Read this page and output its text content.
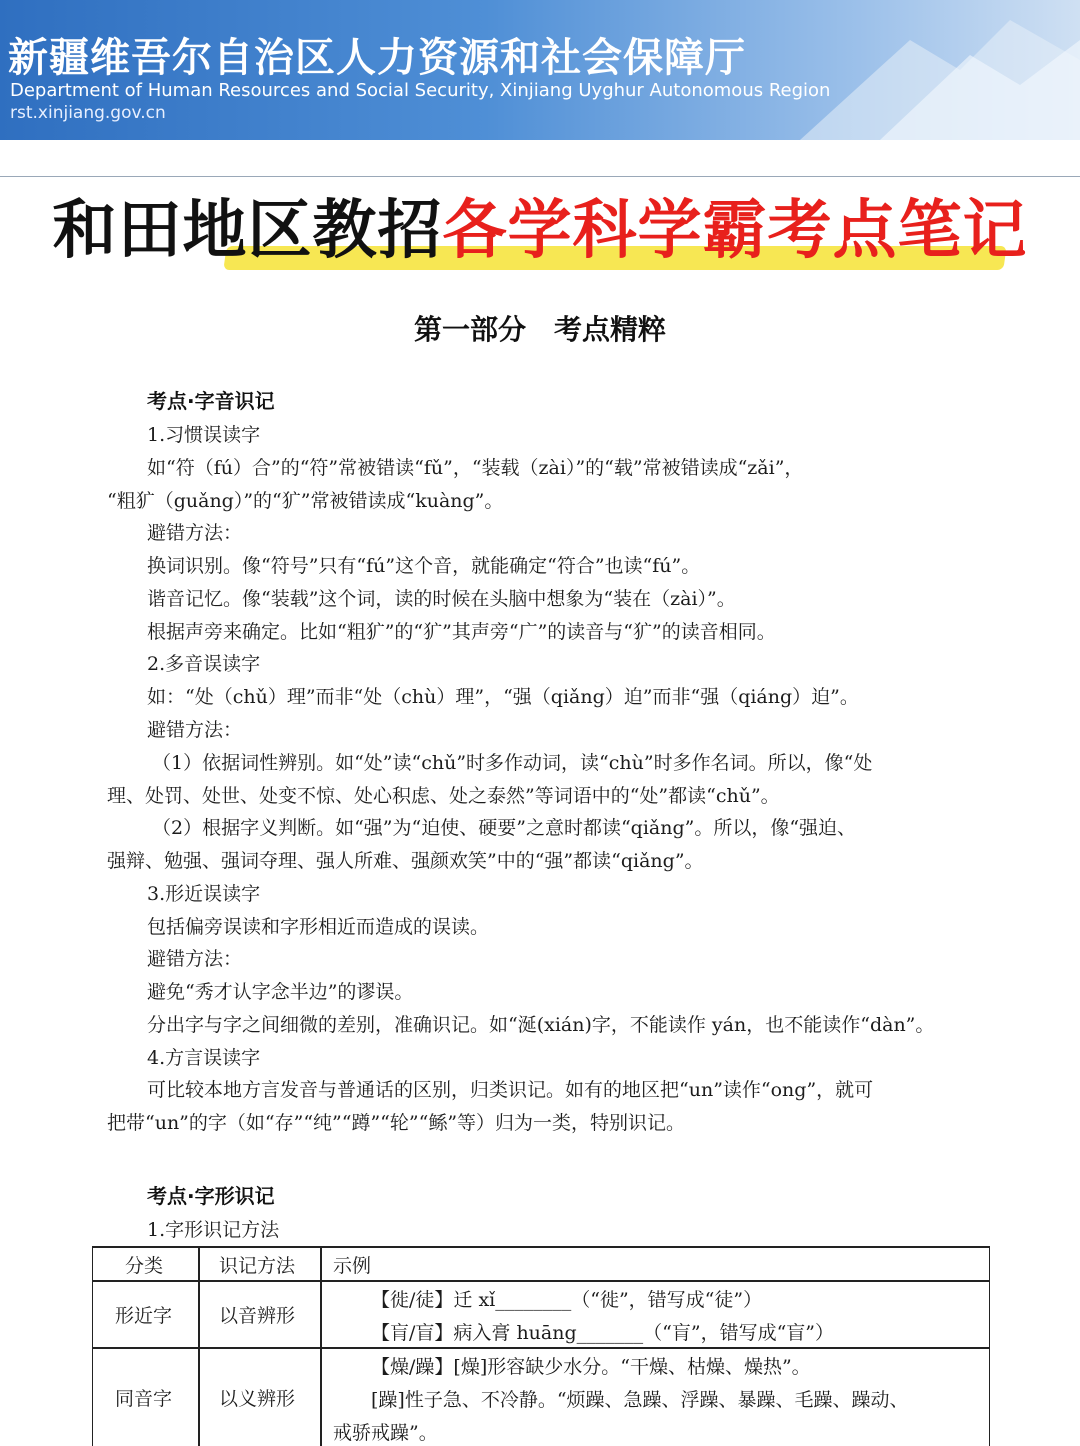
新疆维吾尔自治区人力资源和社会保障厅
Department of Human Resources and Social Security, Xinjiang Uyghur Autonomous Region
rst.xinjiang.gov.cn
和田地区教招各学科学霸考点笔记
第一部分 考点精粹
考点·字音识记
1.习惯误读字
如“符（fú）合”的“符”常被错读“fǔ”，“装载（zài）”的“载”常被错读成“zǎi”，
“粗犷（guǎng）”的“犷”常被错读成“kuàng”。
避错方法：
换词识别。像“符号”只有“fú”这个音，就能确定“符合”也读“fú”。
谐音记忆。像“装载”这个词，读的时候在头脑中想象为“装在（zài）”。
根据声旁来确定。比如“粗犷”的“犷”其声旁“广”的读音与“犷”的读音相同。
2.多音误读字
如：“处（chǔ）理”而非“处（chù）理”，“强（qiǎng）迫”而非“强（qiáng）迫”。
避错方法：
（1）依据词性辨别。如“处”读“chǔ”时多作动词，读“chù”时多作名词。所以，像“处
理、处罚、处世、处变不惊、处心积虑、处之泰然”等词语中的“处”都读“chǔ”。
（2）根据字义判断。如“强”为“迫使、硬要”之意时都读“qiǎng”。所以，像“强迫、
强辩、勉强、强词夺理、强人所难、强颜欢笑”中的“强”都读“qiǎng”。
3.形近误读字
包括偏旁误读和字形相近而造成的误读。
避错方法：
避免“秀才认字念半边”的谬误。
分出字与字之间细微的差别，准确识记。如“涎(xián)字，不能读作 yán，也不能读作“dàn”。
4.方言误读字
可比较本地方言发音与普通话的区别，归类识记。如有的地区把“un”读作“ong”，就可
把带“un”的字（如“存”“纯”“蹲”“轮”“鲧”等）归为一类，特别识记。
考点·字形识记
1.字形识记方法
分类	识记方法 示例
形近字 以音辨形
【徙/徒】迁 xǐ________（“徙”，错写成“徒”）
【肓/盲】病入膏 huāng_______（“肓”，错写成“盲”）
同音字 以义辨形
【燥/躁】[燥]形容缺少水分。“干燥、枯燥、燥热”。
[躁]性子急、不冷静。“烦躁、急躁、浮躁、暴躁、毛躁、躁动、
戒骄戒躁”。
